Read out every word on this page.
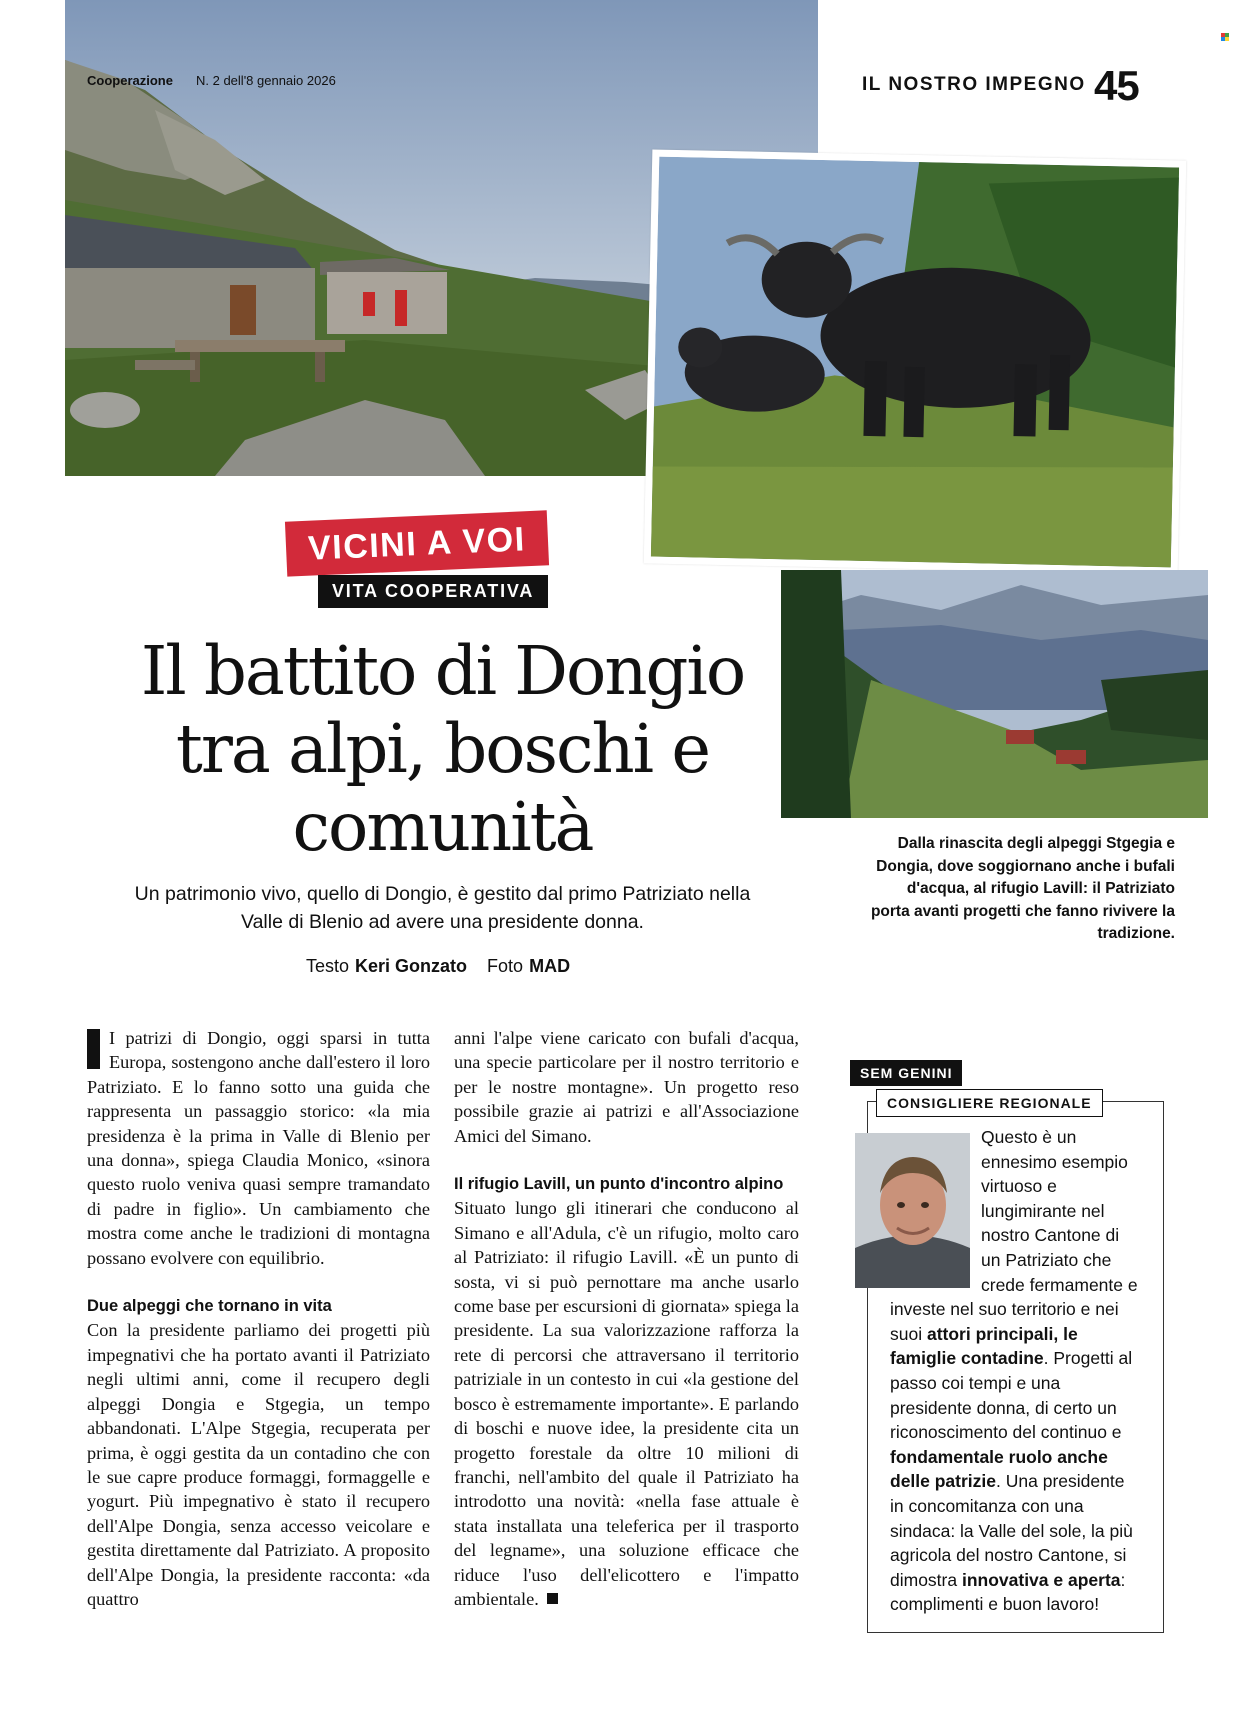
Cooperazione N. 2 dell'8 gennaio 2026	IL NOSTRO IMPEGNO 45
VICINI A VOI
VITA COOPERATIVA
Il battito di Dongio
tra alpi, boschi e
comunità
Un patrimonio vivo, quello di Dongio, è gestito dal primo Patriziato nella Valle di Blenio ad avere una presidente donna.
Testo Keri Gonzato Foto MAD
Dalla rinascita degli alpeggi Stgegia e Dongia, dove soggiornano anche i bufali d'acqua, al rifugio Lavill: il Patriziato porta avanti progetti che fanno rivivere la tradizione.

I patrizi di Dongio, oggi sparsi in tutta Europa, sostengono anche dall'estero il loro Patriziato. E lo fanno sotto una guida che rappresenta un passaggio storico: «la mia presidenza è la prima in Valle di Blenio per una donna», spiega Claudia Monico, «sinora questo ruolo veniva quasi sempre tramandato di padre in figlio». Un cambiamento che mostra come anche le tradizioni di montagna possano evolvere con equilibrio.

Due alpeggi che tornano in vita

Con la presidente parliamo dei progetti più impegnativi che ha portato avanti il Patriziato negli ultimi anni, come il recupero degli alpeggi Dongia e Stgegia, un tempo abbandonati. L'Alpe Stgegia, recuperata per prima, è oggi gestita da un contadino che con le sue capre produce formaggi, formaggelle e yogurt. Più impegnativo è stato il recupero dell'Alpe Dongia, senza accesso veicolare e gestita direttamente dal Patriziato. A proposito dell'Alpe Dongia, la presidente racconta: «da quattro

anni l'alpe viene caricato con bufali d'acqua, una specie particolare per il nostro territorio e per le nostre montagne». Un progetto reso possibile grazie ai patrizi e all'Associazione Amici del Simano.

Il rifugio Lavill, un punto d'incontro alpino

Situato lungo gli itinerari che conducono al Simano e all'Adula, c'è un rifugio, molto caro al Patriziato: il rifugio Lavill. «È un punto di sosta, vi si può pernottare ma anche usarlo come base per escursioni di giornata» spiega la presidente. La sua valorizzazione rafforza la rete di percorsi che attraversano il territorio patriziale in un contesto in cui «la gestione del bosco è estremamente importante». E parlando di boschi e nuove idee, la presidente cita un progetto forestale da oltre 10 milioni di franchi, nell'ambito del quale il Patriziato ha introdotto una novità: «nella fase attuale è stata installata una teleferica per il trasporto del legname», una soluzione efficace che riduce l'uso dell'elicottero e l'impatto ambientale.

SEM GENINI
CONSIGLIERE REGIONALE
Questo è un ennesimo esempio virtuoso e lungimirante nel nostro Cantone di un Patriziato che crede fermamente e investe nel suo territorio e nei suoi attori principali, le famiglie contadine. Progetti al passo coi tempi e una presidente donna, di certo un riconoscimento del continuo e fondamentale ruolo anche delle patrizie. Una presidente in concomitanza con una sindaca: la Valle del sole, la più agricola del nostro Cantone, si dimostra innovativa e aperta: complimenti e buon lavoro!
